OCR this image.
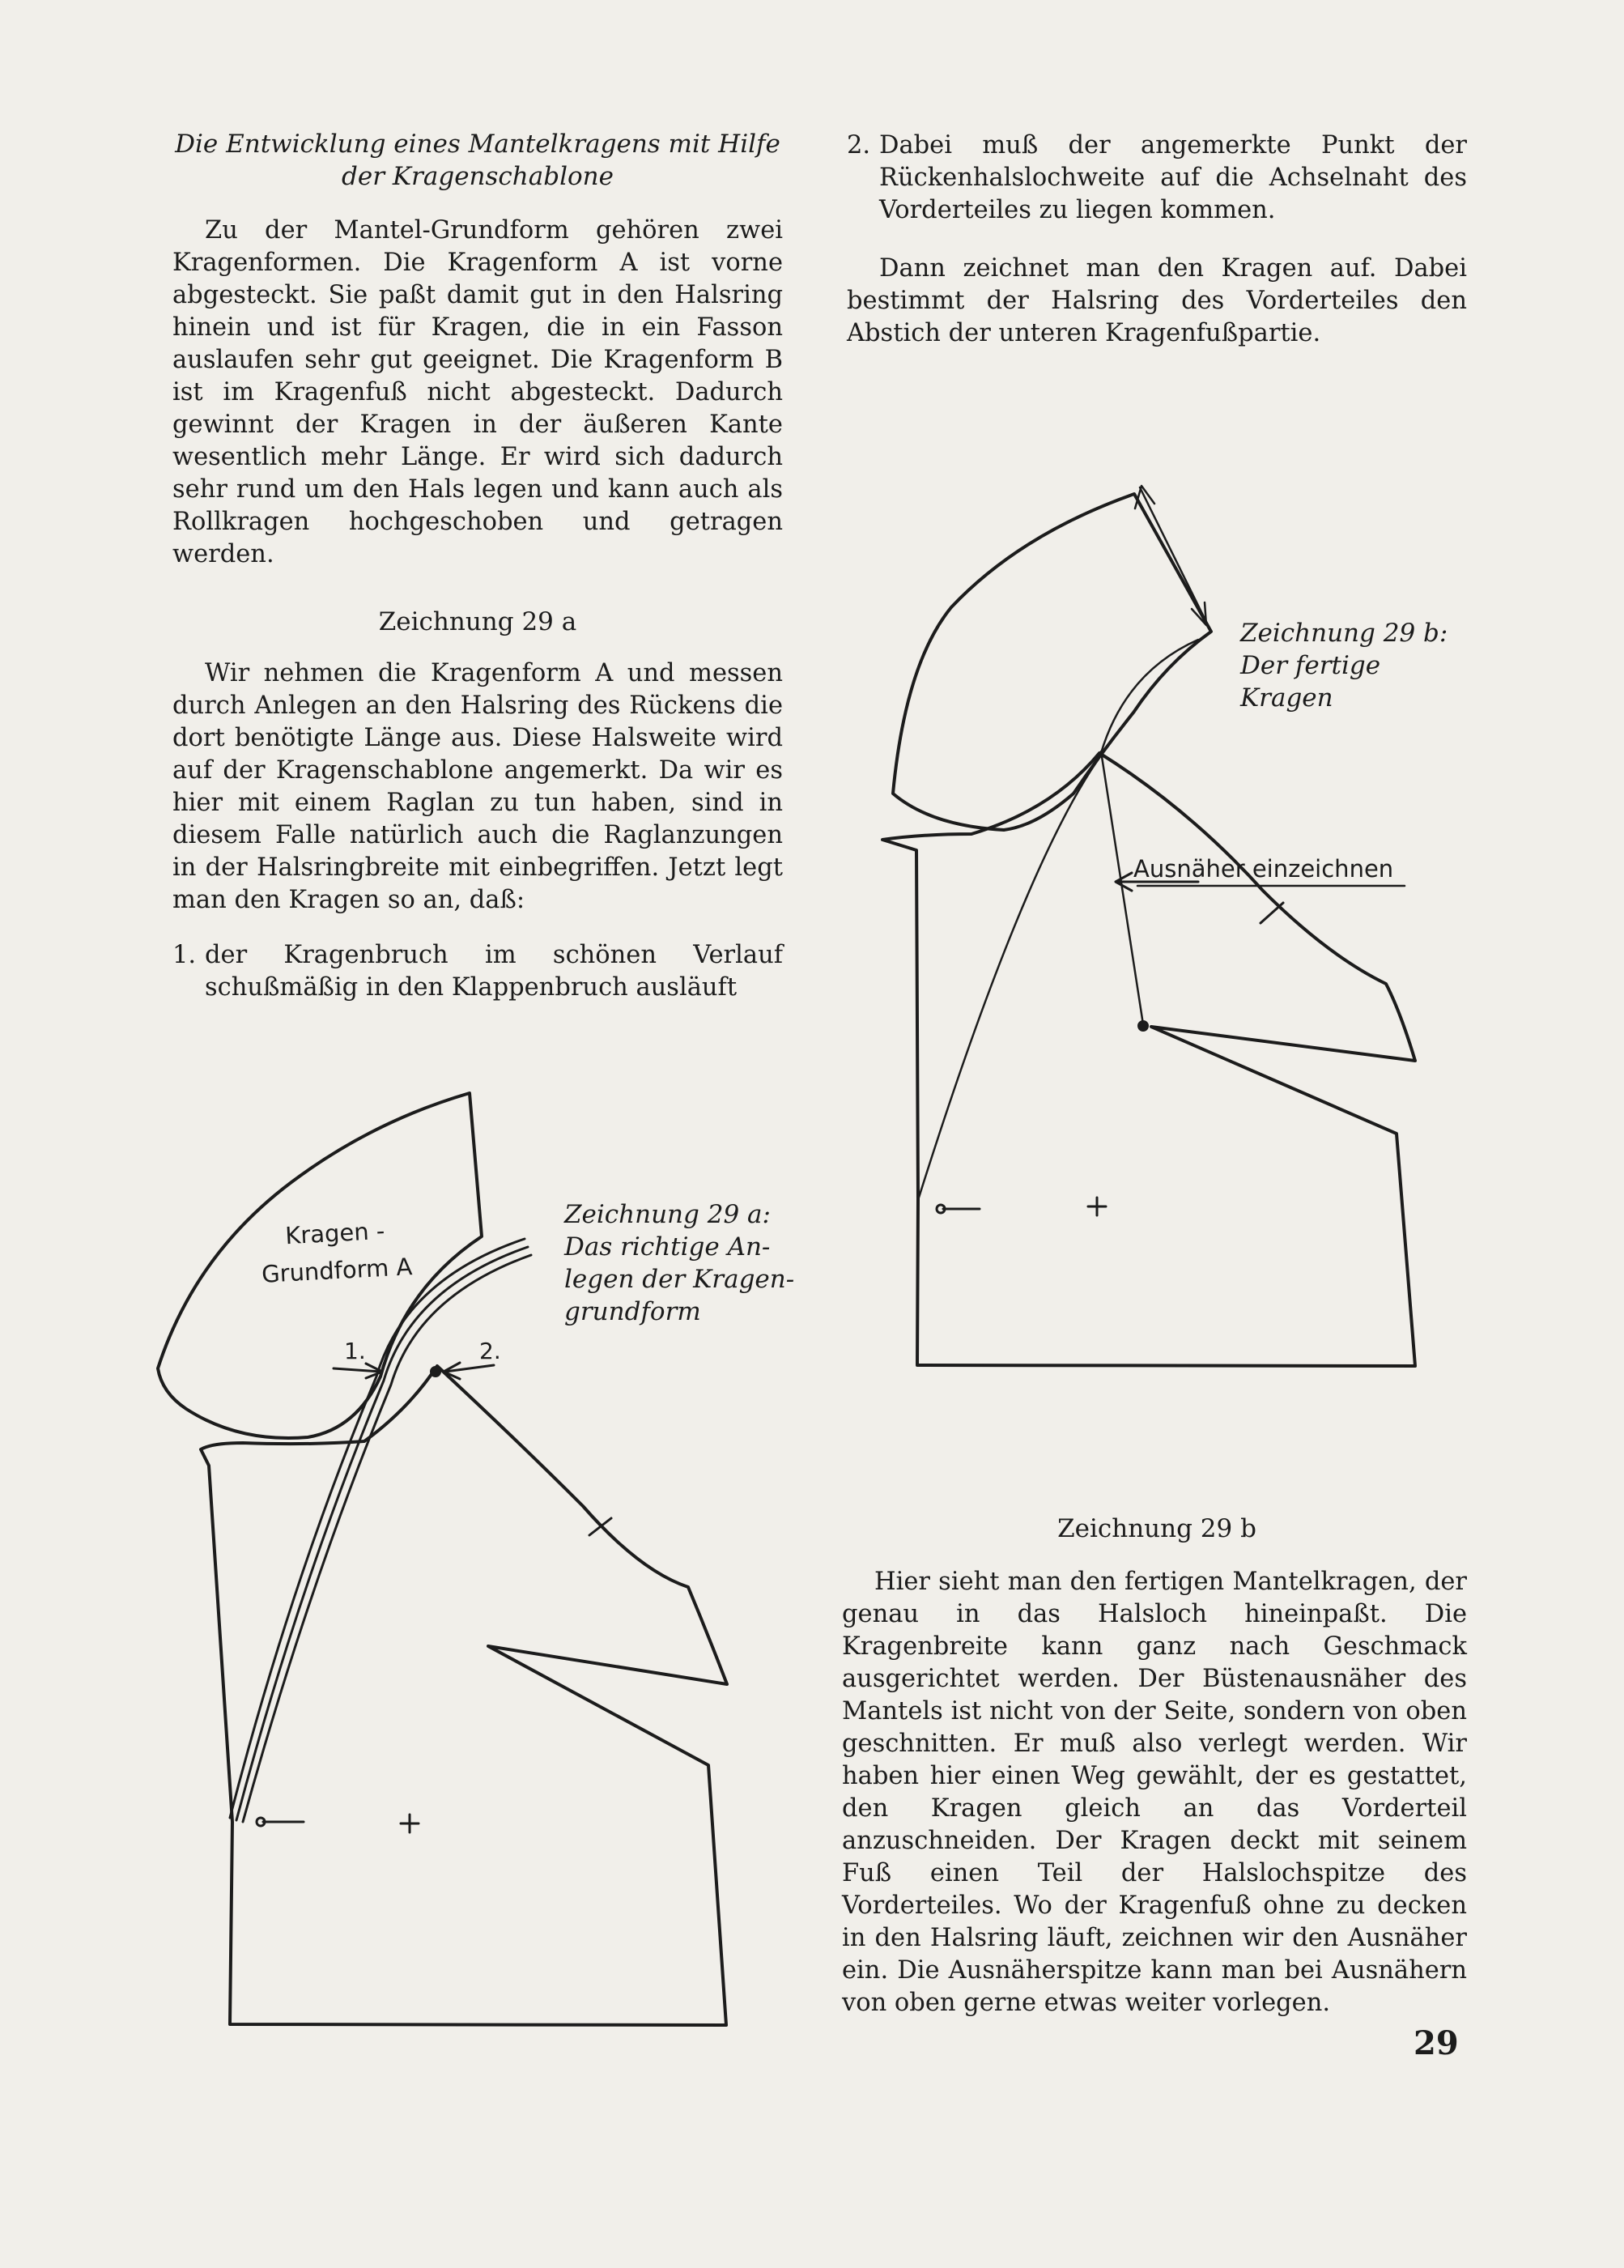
Die Entwicklung eines Mantelkragens mit Hilfe
der Kragenschablone

Zu der Mantel-Grundform gehören zwei Kragenformen. Die Kragenform A ist vorne abgesteckt. Sie paßt damit gut in den Halsring hinein und ist für Kragen, die in ein Fasson auslaufen sehr gut geeignet. Die Kragenform B ist im Kragenfuß nicht abgesteckt. Dadurch gewinnt der Kragen in der äußeren Kante wesentlich mehr Länge. Er wird sich dadurch sehr rund um den Hals legen und kann auch als Rollkragen hochgeschoben und getragen werden.

Zeichnung 29 a

Wir nehmen die Kragenform A und messen durch Anlegen an den Halsring des Rückens die dort benötigte Länge aus. Diese Halsweite wird auf der Kragenschablone angemerkt. Da wir es hier mit einem Raglan zu tun haben, sind in diesem Falle natürlich auch die Raglanzungen in der Halsringbreite mit einbegriffen. Jetzt legt man den Kragen so an, daß:

1. der Kragenbruch im schönen Verlauf schußmäßig in den Klappenbruch ausläuft
2. Dabei muß der angemerkte Punkt der Rückenhalslochweite auf die Achselnaht des Vorderteiles zu liegen kommen.

Dann zeichnet man den Kragen auf. Dabei bestimmt der Halsring des Vorderteiles den Abstich der unteren Kragenfußpartie.

Zeichnung 29 b

Hier sieht man den fertigen Mantelkragen, der genau in das Halsloch hineinpaßt. Die Kragenbreite kann ganz nach Geschmack ausgerichtet werden. Der Büstenausnäher des Mantels ist nicht von der Seite, sondern von oben geschnitten. Er muß also verlegt werden. Wir haben hier einen Weg gewählt, der es gestattet, den Kragen gleich an das Vorderteil anzuschneiden. Der Kragen deckt mit seinem Fuß einen Teil der Halslochspitze des Vorderteiles. Wo der Kragenfuß ohne zu decken in den Halsring läuft, zeichnen wir den Ausnäher ein. Die Ausnäherspitze kann man bei Ausnähern von oben gerne etwas weiter vorlegen.

29
Zeichnung 29 a:
Das richtige An-
legen der Kragen-
grundform
Zeichnung 29 b:
Der fertige
Kragen
Kragen -
Grundform A
1.	2.
Ausnäher einzeichnen
